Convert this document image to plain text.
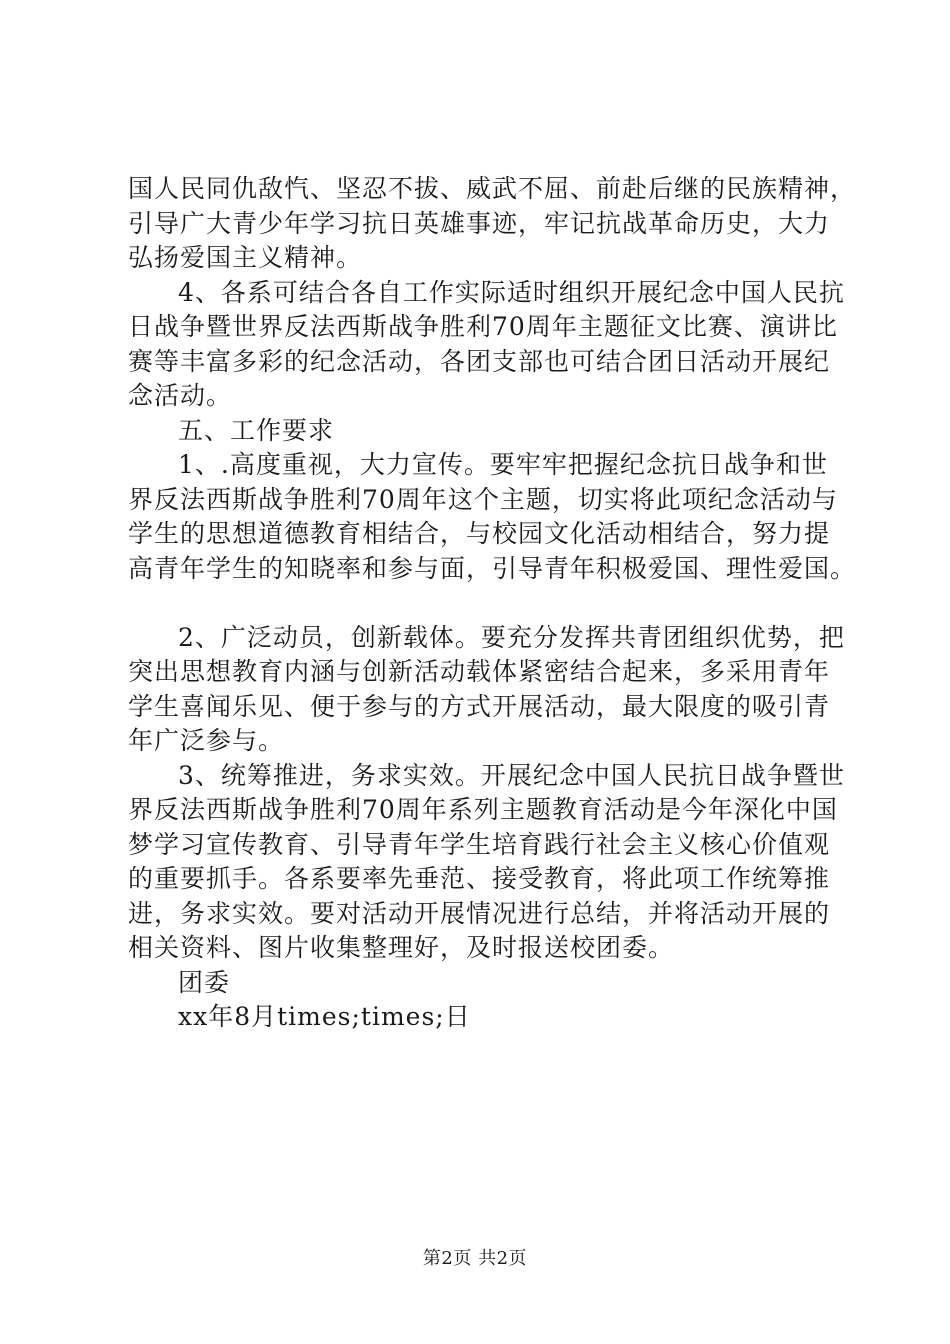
国人民同仇敌忾、坚忍不拔、威武不屈、前赴后继的民族精神，
引导广大青少年学习抗日英雄事迹，牢记抗战革命历史，大力
弘扬爱国主义精神。
4、各系可结合各自工作实际适时组织开展纪念中国人民抗
日战争暨世界反法西斯战争胜利70周年主题征文比赛、演讲比
赛等丰富多彩的纪念活动，各团支部也可结合团日活动开展纪
念活动。
五、工作要求
1、.高度重视，大力宣传。要牢牢把握纪念抗日战争和世
界反法西斯战争胜利70周年这个主题，切实将此项纪念活动与
学生的思想道德教育相结合，与校园文化活动相结合，努力提
高青年学生的知晓率和参与面，引导青年积极爱国、理性爱国。
2、广泛动员，创新载体。要充分发挥共青团组织优势，把
突出思想教育内涵与创新活动载体紧密结合起来，多采用青年
学生喜闻乐见、便于参与的方式开展活动，最大限度的吸引青
年广泛参与。
3、统筹推进，务求实效。开展纪念中国人民抗日战争暨世
界反法西斯战争胜利70周年系列主题教育活动是今年深化中国
梦学习宣传教育、引导青年学生培育践行社会主义核心价值观
的重要抓手。各系要率先垂范、接受教育，将此项工作统筹推
进，务求实效。要对活动开展情况进行总结，并将活动开展的
相关资料、图片收集整理好，及时报送校团委。
团委
xx年8月times;times;日
第2页 共2页
